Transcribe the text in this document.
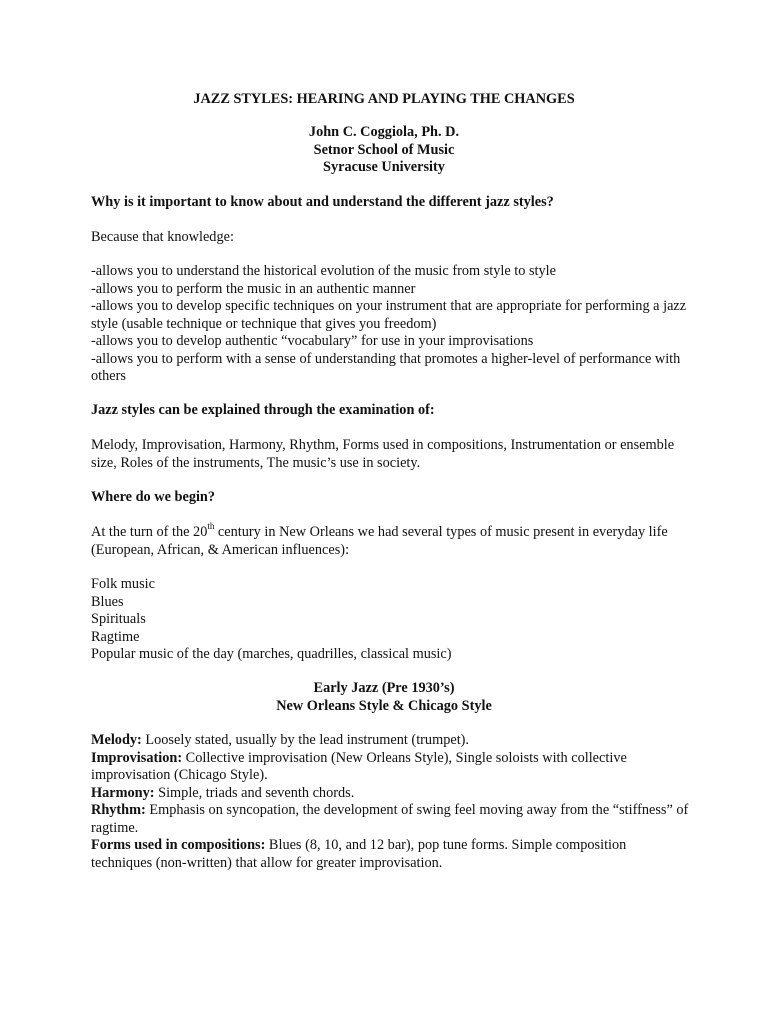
JAZZ STYLES: HEARING AND PLAYING THE CHANGES

John C. Coggiola, Ph. D.

Setnor School of Music

Syracuse University

Why is it important to know about and understand the different jazz styles?

Because that knowledge:

-allows you to understand the historical evolution of the music from style to style
-allows you to perform the music in an authentic manner
-allows you to develop specific techniques on your instrument that are appropriate for performing a jazz style (usable technique or technique that gives you freedom)
-allows you to develop authentic “vocabulary” for use in your improvisations
-allows you to perform with a sense of understanding that promotes a higher-level of performance with others

Jazz styles can be explained through the examination of:

Melody, Improvisation, Harmony, Rhythm, Forms used in compositions, Instrumentation or ensemble size, Roles of the instruments, The music’s use in society.

Where do we begin?

At the turn of the 20th century in New Orleans we had several types of music present in everyday life (European, African, & American influences):

Folk music
Blues
Spirituals
Ragtime
Popular music of the day (marches, quadrilles, classical music)

Early Jazz (Pre 1930’s)

New Orleans Style & Chicago Style

Melody: Loosely stated, usually by the lead instrument (trumpet).

Improvisation: Collective improvisation (New Orleans Style), Single soloists with collective improvisation (Chicago Style).

Harmony: Simple, triads and seventh chords.

Rhythm: Emphasis on syncopation, the development of swing feel moving away from the “stiffness” of ragtime.

Forms used in compositions: Blues (8, 10, and 12 bar), pop tune forms. Simple composition techniques (non-written) that allow for greater improvisation.
